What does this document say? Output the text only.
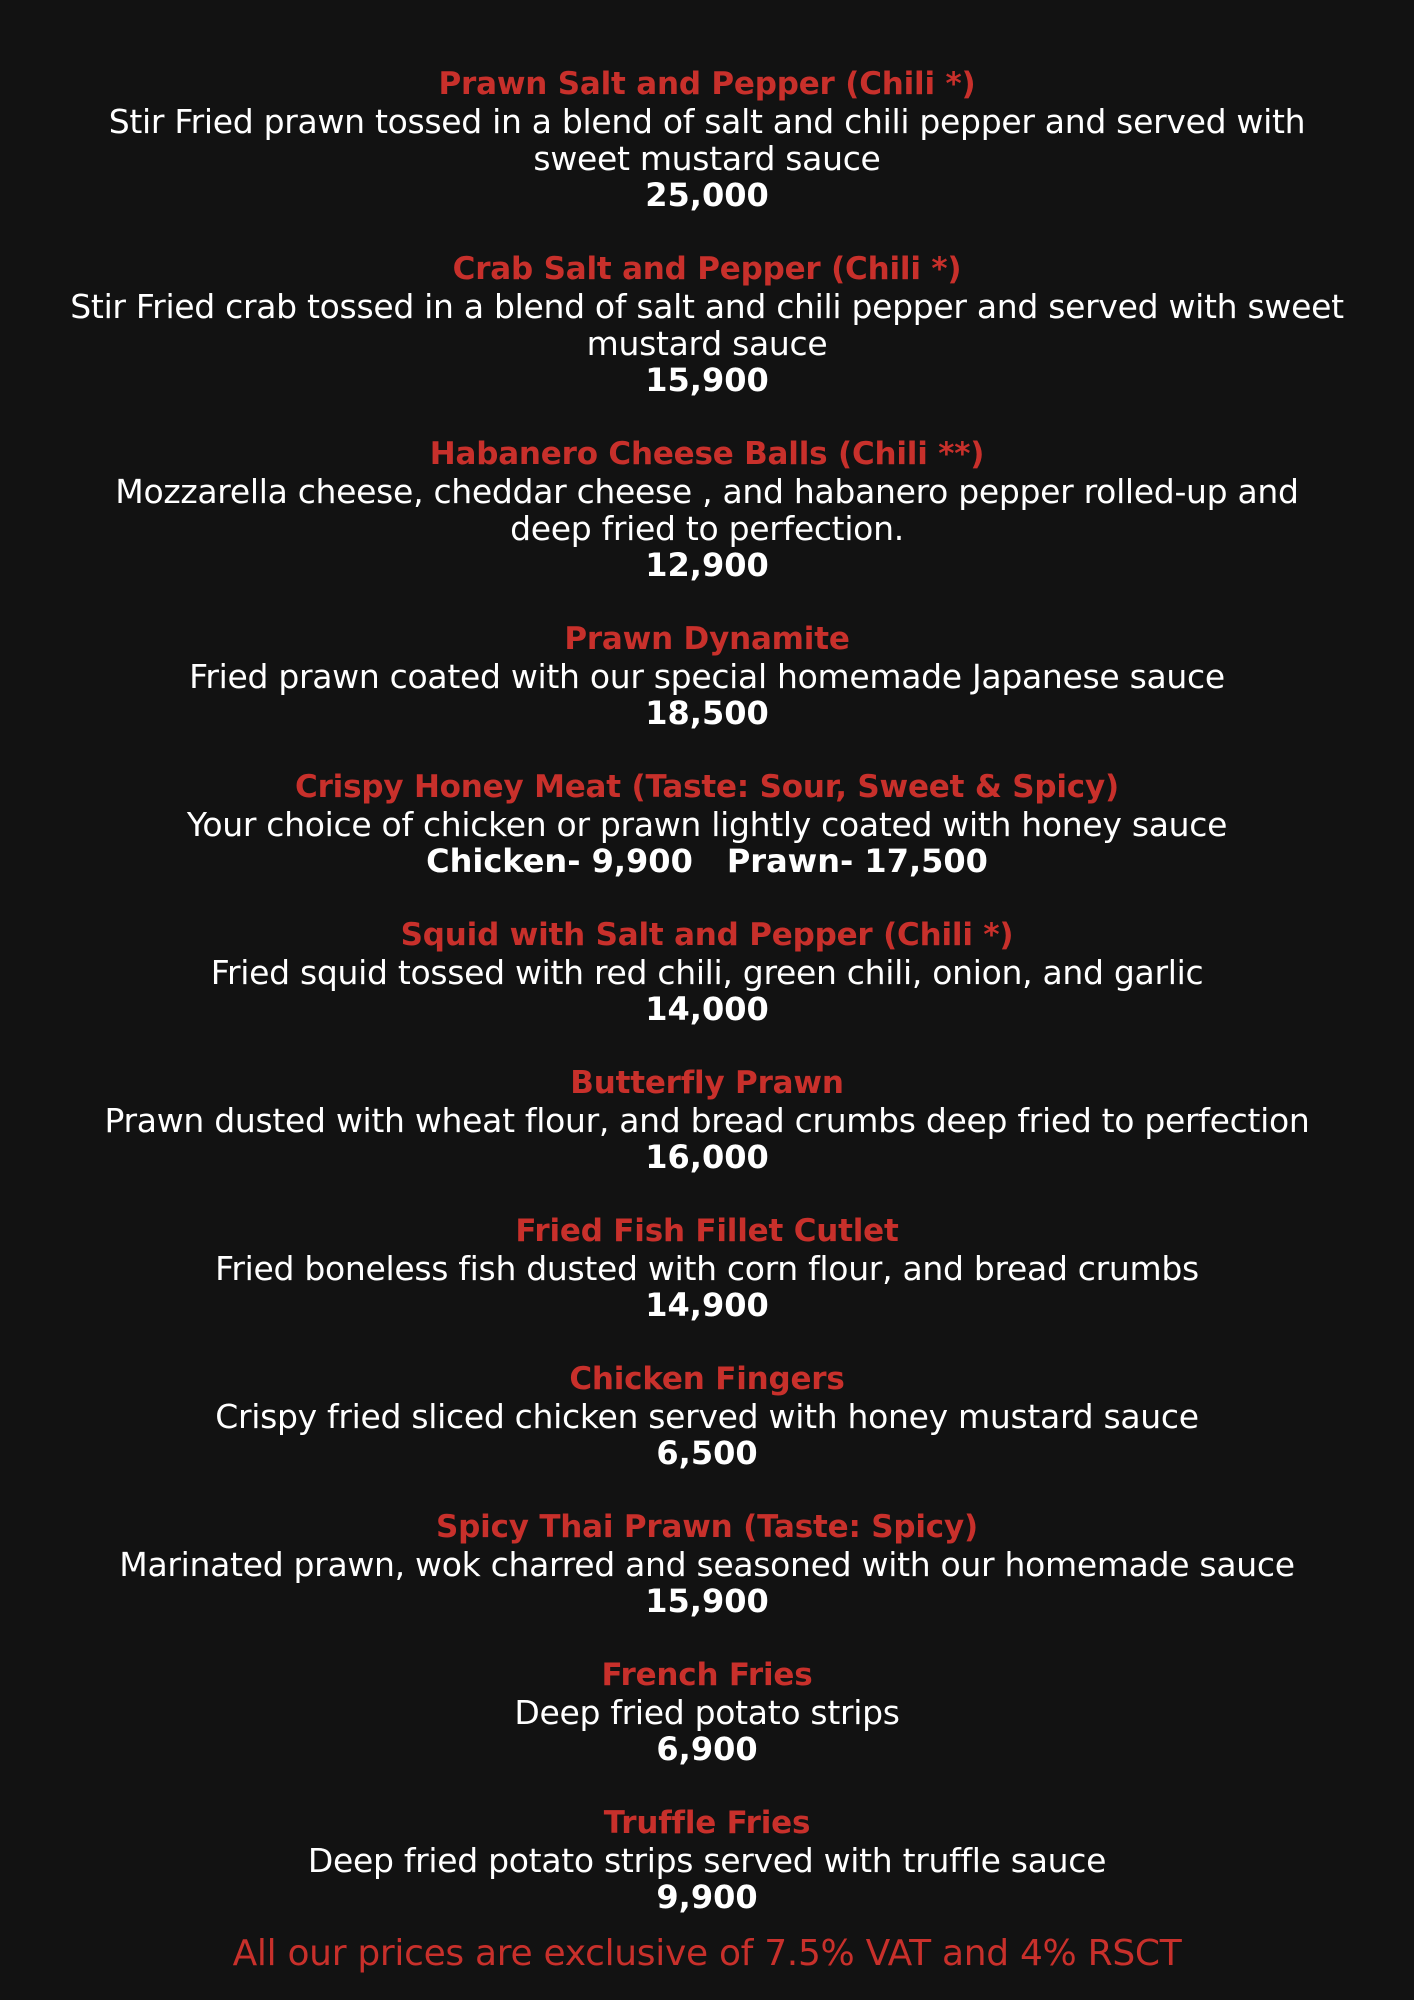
Prawn Salt and Pepper (Chili *)
Stir Fried prawn tossed in a blend of salt and chili pepper and served with sweet mustard sauce
25,000
Crab Salt and Pepper (Chili *)
Stir Fried crab tossed in a blend of salt and chili pepper and served with sweet mustard sauce
15,900
Habanero Cheese Balls (Chili **)
Mozzarella cheese, cheddar cheese , and habanero pepper rolled-up and deep fried to perfection.
12,900
Prawn Dynamite
Fried prawn coated with our special homemade Japanese sauce
18,500
Crispy Honey Meat (Taste: Sour, Sweet & Spicy)
Your choice of chicken or prawn lightly coated with honey sauce
Chicken- 9,900 Prawn- 17,500
Squid with Salt and Pepper (Chili *)
Fried squid tossed with red chili, green chili, onion, and garlic
14,000
Butterfly Prawn
Prawn dusted with wheat flour, and bread crumbs deep fried to perfection
16,000
Fried Fish Fillet Cutlet
Fried boneless fish dusted with corn flour, and bread crumbs
14,900
Chicken Fingers
Crispy fried sliced chicken served with honey mustard sauce
6,500
Spicy Thai Prawn (Taste: Spicy)
Marinated prawn, wok charred and seasoned with our homemade sauce
15,900
French Fries
Deep fried potato strips
6,900
Truffle Fries
Deep fried potato strips served with truffle sauce
9,900
All our prices are exclusive of 7.5% VAT and 4% RSCT
